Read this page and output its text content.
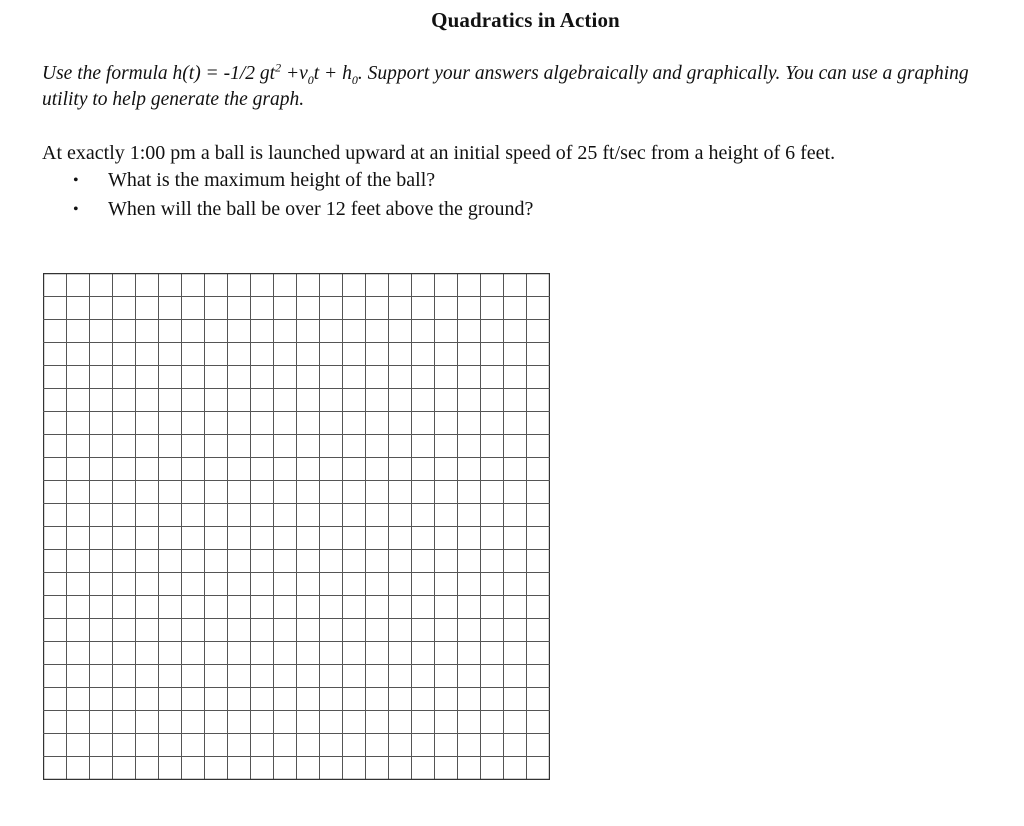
Quadratics in Action
Use the formula h(t) = -1/2 $gt^2 +v_0t + h_0$. Support your answers algebraically and graphically. You can use a graphing utility to help generate the graph.
At exactly 1:00 pm a ball is launched upward at an initial speed of 25 ft/sec from a height of 6 feet.
• What is the maximum height of the ball?
• When will the ball be over 12 feet above the ground?
